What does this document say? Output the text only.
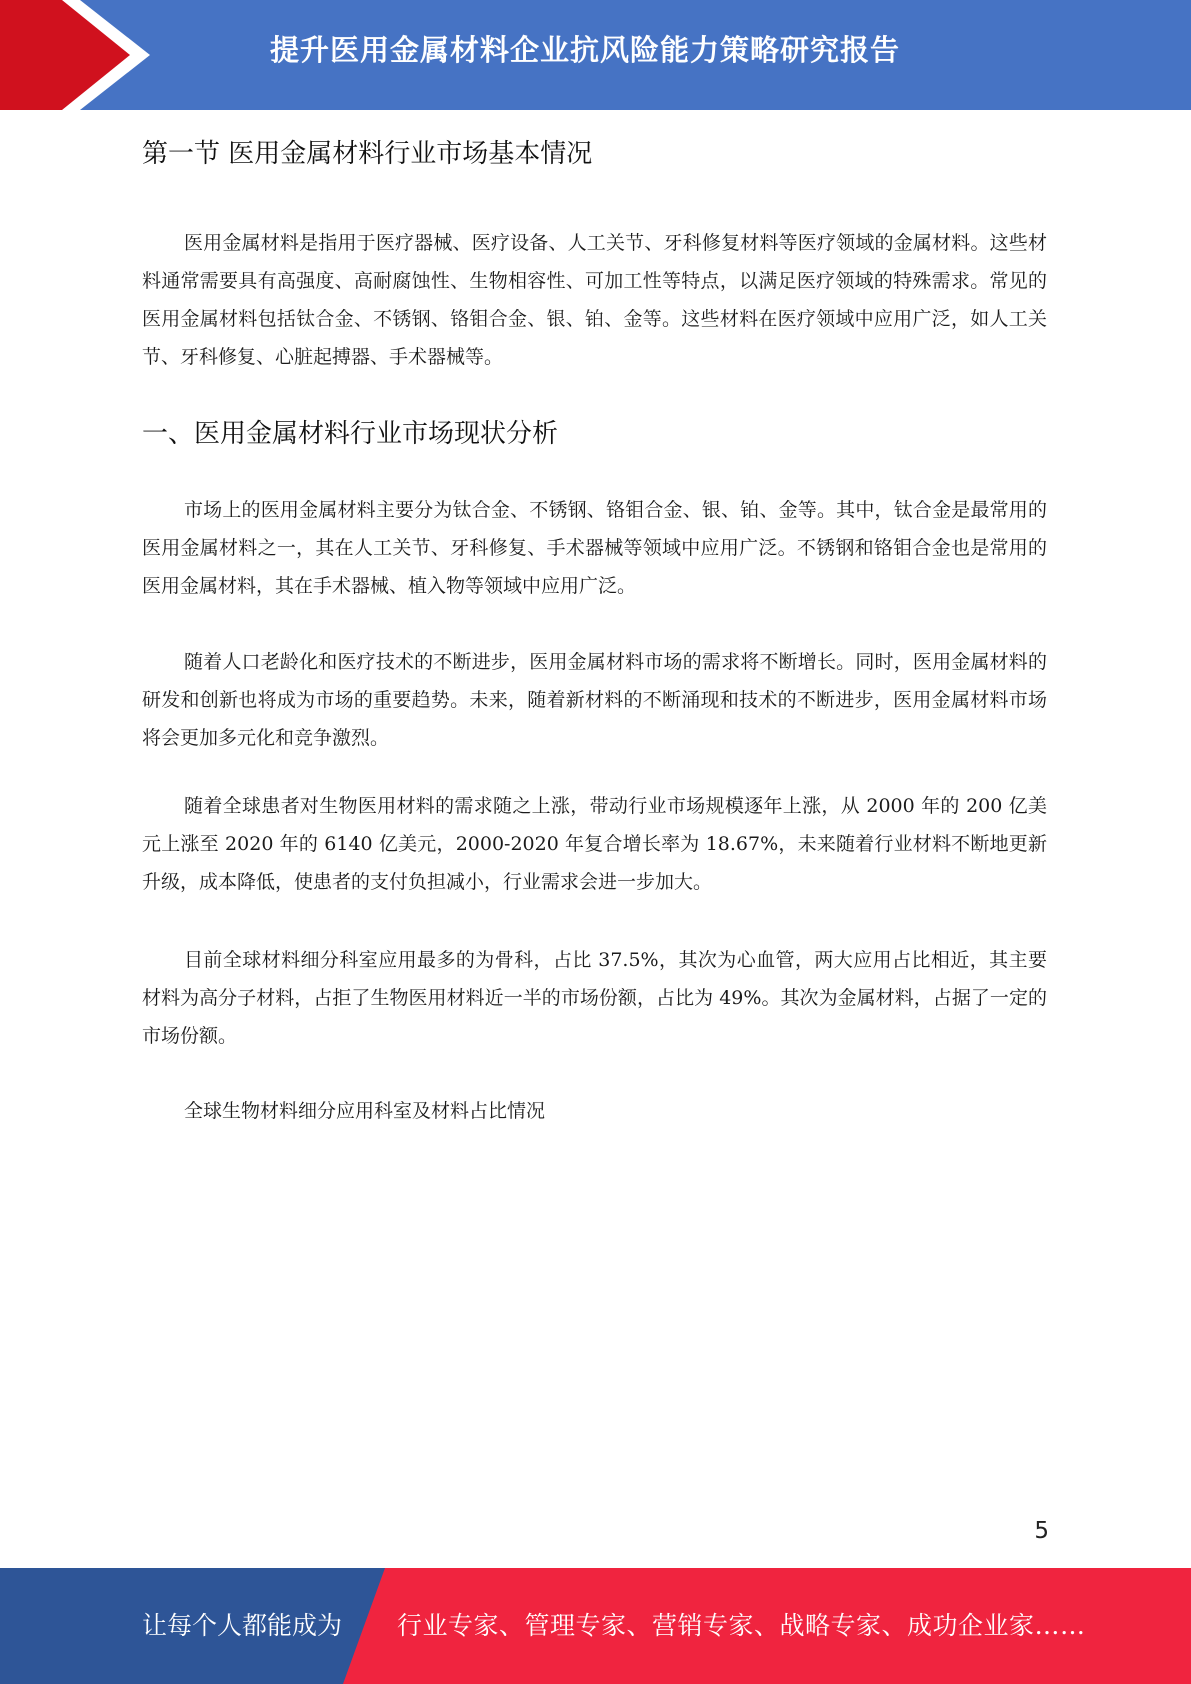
提升医用金属材料企业抗风险能力策略研究报告
第一节 医用金属材料行业市场基本情况

医用金属材料是指用于医疗器械、医疗设备、人工关节、牙科修复材料等医疗领域的金属材料。这些材料通常需要具有高强度、高耐腐蚀性、生物相容性、可加工性等特点，以满足医疗领域的特殊需求。常见的医用金属材料包括钛合金、不锈钢、铬钼合金、银、铂、金等。这些材料在医疗领域中应用广泛，如人工关节、牙科修复、心脏起搏器、手术器械等。

一、医用金属材料行业市场现状分析

市场上的医用金属材料主要分为钛合金、不锈钢、铬钼合金、银、铂、金等。其中，钛合金是最常用的医用金属材料之一，其在人工关节、牙科修复、手术器械等领域中应用广泛。不锈钢和铬钼合金也是常用的医用金属材料，其在手术器械、植入物等领域中应用广泛。

随着人口老龄化和医疗技术的不断进步，医用金属材料市场的需求将不断增长。同时，医用金属材料的研发和创新也将成为市场的重要趋势。未来，随着新材料的不断涌现和技术的不断进步，医用金属材料市场将会更加多元化和竞争激烈。

随着全球患者对生物医用材料的需求随之上涨，带动行业市场规模逐年上涨，从 2000 年的 200 亿美元上涨至 2020 年的 6140 亿美元，2000-2020 年复合增长率为 18.67%，未来随着行业材料不断地更新升级，成本降低，使患者的支付负担减小，行业需求会进一步加大。

目前全球材料细分科室应用最多的为骨科，占比 37.5%，其次为心血管，两大应用占比相近，其主要材料为高分子材料，占拒了生物医用材料近一半的市场份额，占比为 49%。其次为金属材料，占据了一定的市场份额。

全球生物材料细分应用科室及材料占比情况
5
让每个人都能成为 行业专家、管理专家、营销专家、战略专家、成功企业家……
